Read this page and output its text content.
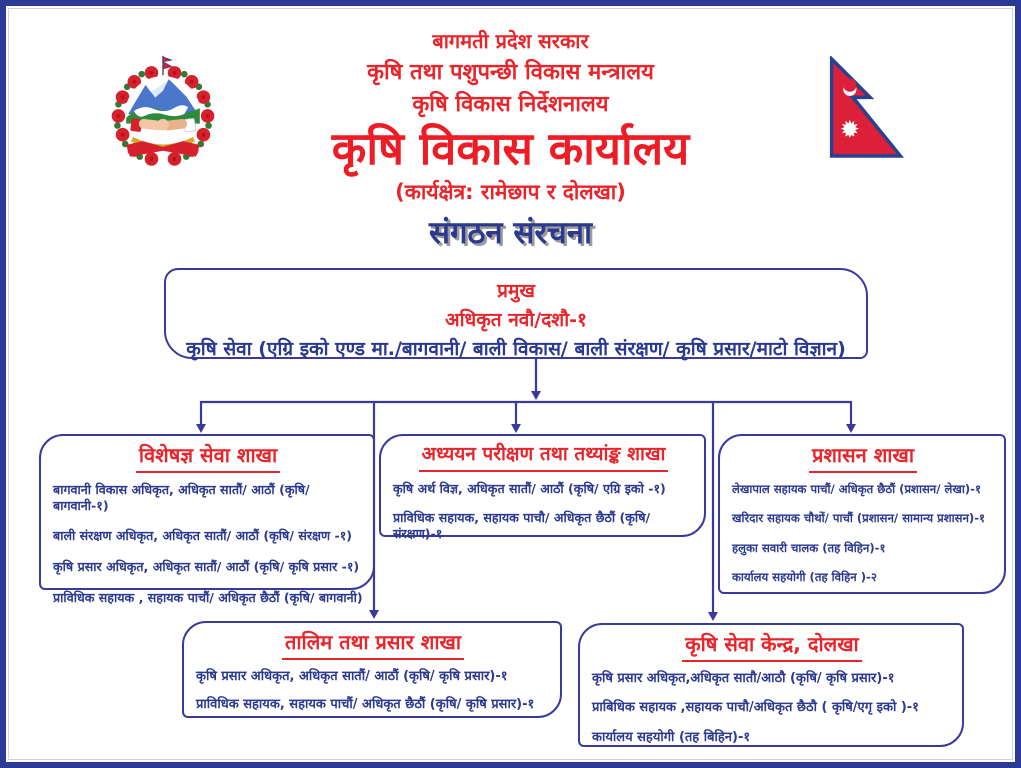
बागमती प्रदेश सरकार
कृषि तथा पशुपन्छी विकास मन्त्रालय
कृषि विकास निर्देशनालय
कृषि विकास कार्यालय
(कार्यक्षेत्र: रामेछाप र दोलखा)
संगठन संरचना
प्रमुख
अधिकृत नवौ/दशौ-१
कृषि सेवा (एग्रि इको एण्ड मा./बागवानी/ बाली विकास/ बाली संरक्षण/ कृषि प्रसार/माटो विज्ञान)
विशेषज्ञ सेवा शाखा
बागवानी विकास अधिकृत, अधिकृत सातौं/ आठौं (कृषि/ बागवानी-१)
बाली संरक्षण अधिकृत, अधिकृत सातौं/ आठौं (कृषि/ संरक्षण -१)
कृषि प्रसार अधिकृत, अधिकृत सातौं/ आठौं (कृषि/ कृषि प्रसार -१)
प्राविधिक सहायक , सहायक पाचौं/ अधिकृत छैठौं (कृषि/ बागवानी)
अध्ययन परीक्षण तथा तथ्यांङ्क शाखा
कृषि अर्थ विज्ञ, अधिकृत सातौं/ आठौं (कृषि/ एग्रि इको -१)
प्राविधिक सहायक, सहायक पाचौ/ अधिकृत छैठौं (कृषि/संरक्षण)-१
प्रशासन शाखा
लेखापाल सहायक पाचौं/ अधिकृत छैठौं (प्रशासन/ लेखा)-१
खरिदार सहायक चौथों/ पाचौं (प्रशासन/ सामान्य प्रशासन)-१
हलुका सवारी चालक (तह विहिन)-१
कार्यालय सहयोगी (तह विहिन )-२
तालिम तथा प्रसार शाखा
कृषि प्रसार अधिकृत, अधिकृत सातौं/ आठौं (कृषि/ कृषि प्रसार)-१
प्राविधिक सहायक, सहायक पाचौं/ अधिकृत छैठौं (कृषि/ कृषि प्रसार)-१
कृषि सेवा केन्द्र, दोलखा
कृषि प्रसार अधिकृत,अधिकृत सातौ/आठौ (कृषि/ कृषि प्रसार)-१
प्राबिधिक सहायक ,सहायक पाचौ/अधिकृत छैठौ ( कृषि/एगृ इको )-१
कार्यालय सहयोगी (तह बिहिन)-१
